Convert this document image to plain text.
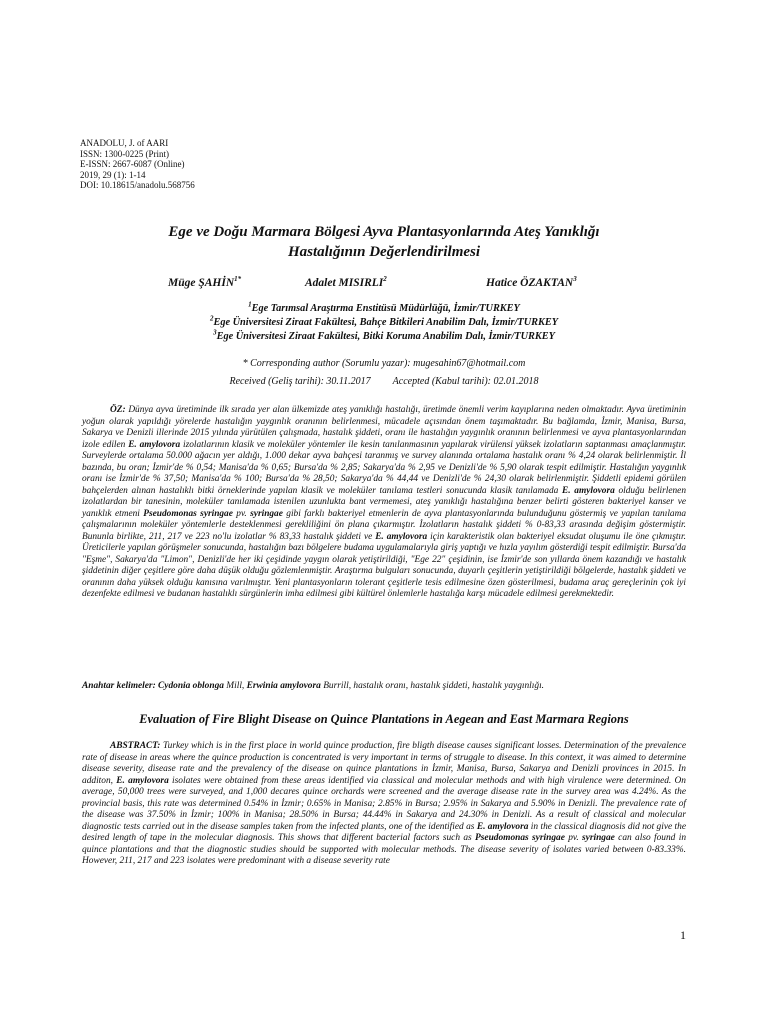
ANADOLU, J. of AARI
ISSN: 1300-0225 (Print)
E-ISSN: 2667-6087 (Online)
2019, 29 (1): 1-14
DOI: 10.18615/anadolu.568756
Ege ve Doğu Marmara Bölgesi Ayva Plantasyonlarında Ateş Yanıklığı
Hastalığının Değerlendirilmesi
Müge $ŞAHİN^{1*}$	Adalet MISIRLI$^2$	Hatice ÖZAKTAN$^3$
$^1$Ege Tarımsal Araştırma Enstitüsü Müdürlüğü, İzmir/TURKEY
$^2$Ege Üniversitesi Ziraat Fakültesi, Bahçe Bitkileri Anabilim Dalı, İzmir/TURKEY
$^3$Ege Üniversitesi Ziraat Fakültesi, Bitki Koruma Anabilim Dalı, İzmir/TURKEY
* Corresponding author (Sorumlu yazar): mugesahin67@hotmail.com
Received (Geliş tarihi): 30.11.2017 Accepted (Kabul tarihi): 02.01.2018
ÖZ: Dünya ayva üretiminde ilk sırada yer alan ülkemizde ateş yanıklığı hastalığı, üretimde önemli verim kayıplarına neden olmaktadır. Ayva üretiminin yoğun olarak yapıldığı yörelerde hastalığın yaygınlık oranının belirlenmesi, mücadele açısından önem taşımaktadır. Bu bağlamda, İzmir, Manisa, Bursa, Sakarya ve Denizli illerinde 2015 yılında yürütülen çalışmada, hastalık şiddeti, oranı ile hastalığın yaygınlık oranının belirlenmesi ve ayva plantasyonlarından izole edilen E. amylovora izolatlarının klasik ve moleküler yöntemler ile kesin tanılanmasının yapılarak virülensi yüksek izolatların saptanması amaçlanmıştır. Surveylerde ortalama 50.000 ağacın yer aldığı, 1.000 dekar ayva bahçesi taranmış ve survey alanında ortalama hastalık oranı % 4,24 olarak belirlenmiştir. İl bazında, bu oran; İzmir'de % 0,54; Manisa'da % 0,65; Bursa'da % 2,85; Sakarya'da % 2,95 ve Denizli'de % 5,90 olarak tespit edilmiştir. Hastalığın yaygınlık oranı ise İzmir'de % 37,50; Manisa'da % 100; Bursa'da % 28,50; Sakarya'da % 44,44 ve Denizli'de % 24,30 olarak belirlenmiştir. Şiddetli epidemi görülen bahçelerden alınan hastalıklı bitki örneklerinde yapılan klasik ve moleküler tanılama testleri sonucunda klasik tanılamada E. amylovora olduğu belirlenen izolatlardan bir tanesinin, moleküler tanılamada istenilen uzunlukta bant vermemesi, ateş yanıklığı hastalığına benzer belirti gösteren bakteriyel kanser ve yanıklık etmeni Pseudomonas syringae pv. syringae gibi farklı bakteriyel etmenlerin de ayva plantasyonlarında bulunduğunu göstermiş ve yapılan tanılama çalışmalarının moleküler yöntemlerle desteklenmesi gerekliliğini ön plana çıkarmıştır. İzolatların hastalık şiddeti % 0-83,33 arasında değişim göstermiştir. Bununla birlikte, 211, 217 ve 223 no'lu izolatlar % 83,33 hastalık şiddeti ve E. amylovora için karakteristik olan bakteriyel eksudat oluşumu ile öne çıkmıştır. Üreticilerle yapılan görüşmeler sonucunda, hastalığın bazı bölgelere budama uygulamalarıyla giriş yaptığı ve hızla yayılım gösterdiği tespit edilmiştir. Bursa'da "Eşme", Sakarya'da "Limon", Denizli'de her iki çeşidinde yaygın olarak yetiştirildiği, "Ege 22" çeşidinin, ise İzmir'de son yıllarda önem kazandığı ve hastalık şiddetinin diğer çeşitlere göre daha düşük olduğu gözlemlenmiştir. Araştırma bulguları sonucunda, duyarlı çeşitlerin yetiştirildiği bölgelerde, hastalık şiddeti ve oranının daha yüksek olduğu kanısına varılmıştır. Yeni plantasyonların tolerant çeşitlerle tesis edilmesine özen gösterilmesi, budama araç gereçlerinin çok iyi dezenfekte edilmesi ve budanan hastalıklı sürgünlerin imha edilmesi gibi kültürel önlemlerle hastalığa karşı mücadele edilmesi gerekmektedir.
Anahtar kelimeler: Cydonia oblonga Mill, Erwinia amylovora Burrill, hastalık oranı, hastalık şiddeti, hastalık yaygınlığı.
Evaluation of Fire Blight Disease on Quince Plantations in Aegean and East Marmara Regions
ABSTRACT: Turkey which is in the first place in world quince production, fire bligth disease causes significant losses. Determination of the prevalence rate of disease in areas where the quince production is concentrated is very important in terms of struggle to disease. In this context, it was aimed to determine disease severity, disease rate and the prevalency of the disease on quince plantations in İzmir, Manisa, Bursa, Sakarya and Denizli provinces in 2015. In additon, E. amylovora isolates were obtained from these areas identified via classical and molecular methods and with high virulence were determined. On average, 50,000 trees were surveyed, and 1,000 decares quince orchards were screened and the average disease rate in the survey area was 4.24%. As the provincial basis, this rate was determined 0.54% in İzmir; 0.65% in Manisa; 2.85% in Bursa; 2.95% in Sakarya and 5.90% in Denizli. The prevalence rate of the disease was 37.50% in İzmir; 100% in Manisa; 28.50% in Bursa; 44.44% in Sakarya and 24.30% in Denizli. As a result of classical and molecular diagnostic tests carried out in the disease samples taken from the infected plants, one of the identified as E. amylovora in the classical diagnosis did not give the desired length of tape in the molecular diagnosis. This shows that different bacterial factors such as Pseudomonas syringae pv. syringae can also found in quince plantations and that the diagnostic studies should be supported with molecular methods. The disease severity of isolates varied between 0-83.33%. However, 211, 217 and 223 isolates were predominant with a disease severity rate
1
